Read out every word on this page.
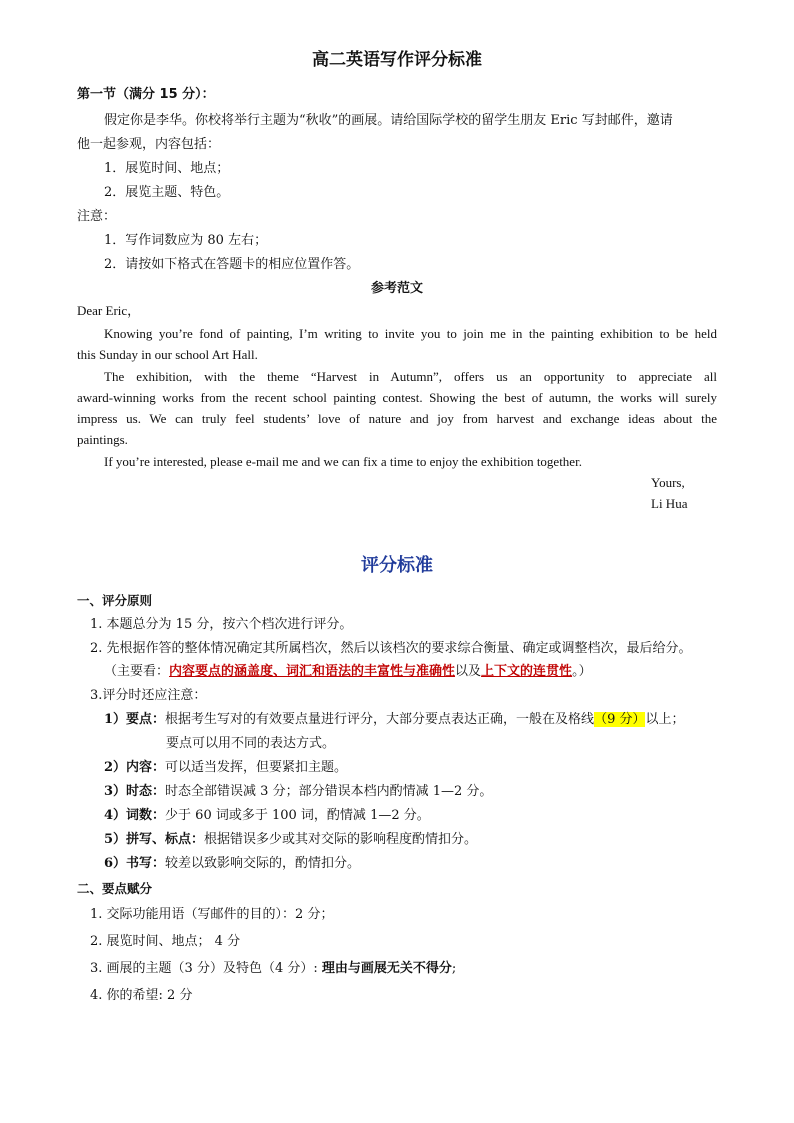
高二英语写作评分标准
第一节（满分 15 分）：
假定你是李华。你校将举行主题为“秋收”的画展。请给国际学校的留学生朋友 Eric 写封邮件，邀请
他一起参观，内容包括：
1．展览时间、地点；
2．展览主题、特色。
注意：
1．写作词数应为 80 左右；
2．请按如下格式在答题卡的相应位置作答。
参考范文
Dear Eric，
Knowing you’re fond of painting, I’m writing to invite you to join me in the painting exhibition to be held
this Sunday in our school Art Hall.
The exhibition, with the theme “Harvest in Autumn”, offers us an opportunity to appreciate all
award-winning works from the recent school painting contest. Showing the best of autumn, the works will surely
impress us. We can truly feel students’ love of nature and joy from harvest and exchange ideas about the
paintings.
If you’re interested, please e-mail me and we can fix a time to enjoy the exhibition together.
Yours,
Li Hua
评分标准
一、评分原则
1. 本题总分为 15 分，按六个档次进行评分。
2. 先根据作答的整体情况确定其所属档次，然后以该档次的要求综合衡量、确定或调整档次，最后给分。
（主要看：内容要点的涵盖度、词汇和语法的丰富性与准确性以及上下文的连贯性。）
3.评分时还应注意：
1）要点：根据考生写对的有效要点量进行评分，大部分要点表达正确，一般在及格线（9 分）以上；
要点可以用不同的表达方式。
2）内容：可以适当发挥，但要紧扣主题。
3）时态：时态全部错误减 3 分；部分错误本档内酌情减 1—2 分。
4）词数：少于 60 词或多于 100 词，酌情减 1—2 分。
5）拼写、标点：根据错误多少或其对交际的影响程度酌情扣分。
6）书写：较差以致影响交际的，酌情扣分。
二、要点赋分
1. 交际功能用语（写邮件的目的）：2 分；
2. 展览时间、地点； 4 分
3. 画展的主题（3 分）及特色（4 分）: 理由与画展无关不得分;
4. 你的希望: 2 分
